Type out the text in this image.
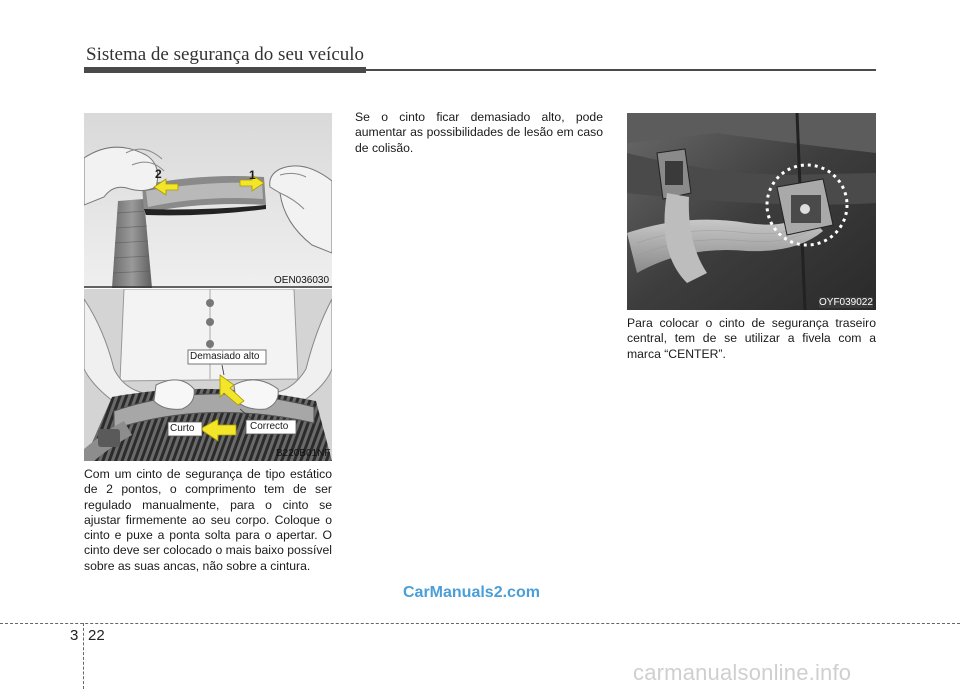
Sistema de segurança do seu veículo
2	1
OEN036030
Demasiado alto
Curto	Correcto
B220B01NF
Com um cinto de segurança de tipo estático de 2 pontos, o comprimento tem de ser regulado manualmente, para o cinto se ajustar firmemente ao seu corpo. Coloque o cinto e puxe a ponta solta para o apertar. O cinto deve ser colocado o mais baixo possível sobre as suas ancas, não sobre a cintura.
Se o cinto ficar demasiado alto, pode aumentar as possibilidades de lesão em caso de colisão.
OYF039022
Para colocar o cinto de segurança traseiro central, tem de se utilizar a fivela com a marca “CENTER”.
CarManuals2.com
3 22
carmanualsonline.info
